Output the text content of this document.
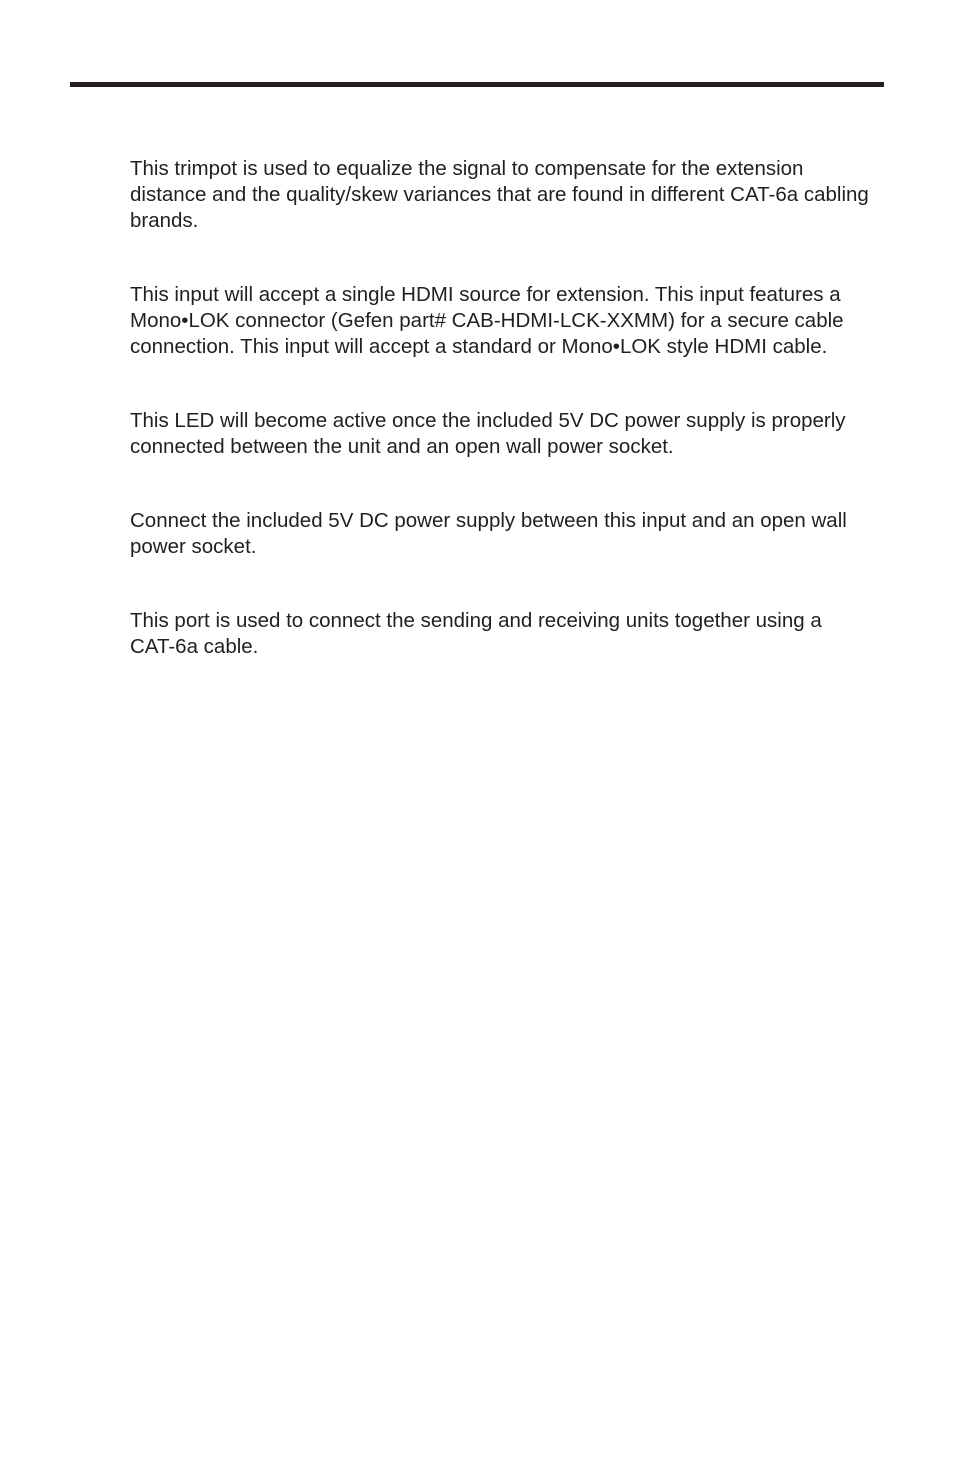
This trimpot is used to equalize the signal to compensate for the extension distance and the quality/skew variances that are found in different CAT-6a cabling brands.

This input will accept a single HDMI source for extension. This input features a Mono•LOK connector (Gefen part# CAB-HDMI-LCK-XXMM) for a secure cable connection. This input will accept a standard or Mono•LOK style HDMI cable.

This LED will become active once the included 5V DC power supply is properly connected between the unit and an open wall power socket.

Connect the included 5V DC power supply between this input and an open wall power socket.

This port is used to connect the sending and receiving units together using a CAT-6a cable.
